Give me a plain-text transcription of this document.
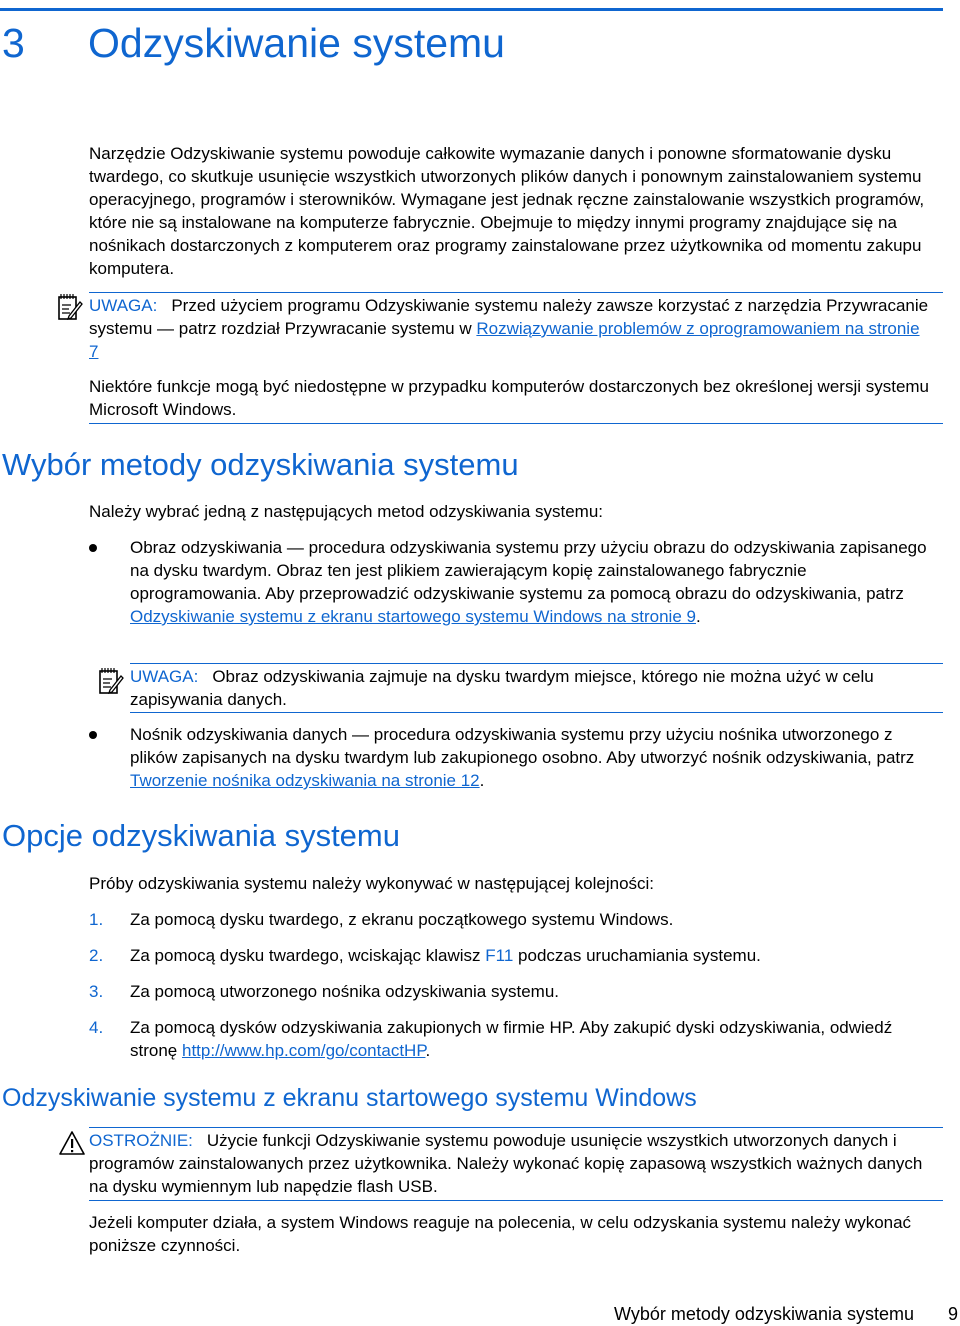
3 Odzyskiwanie systemu

Narzędzie Odzyskiwanie systemu powoduje całkowite wymazanie danych i ponowne sformatowanie dysku twardego, co skutkuje usunięcie wszystkich utworzonych plików danych i ponownym zainstalowaniem systemu operacyjnego, programów i sterowników. Wymagane jest jednak ręczne zainstalowanie wszystkich programów, które nie są instalowane na komputerze fabrycznie. Obejmuje to między innymi programy znajdujące się na nośnikach dostarczonych z komputerem oraz programy zainstalowane przez użytkownika od momentu zakupu komputera.

UWAGA: Przed użyciem programu Odzyskiwanie systemu należy zawsze korzystać z narzędzia Przywracanie systemu — patrz rozdział Przywracanie systemu w Rozwiązywanie problemów z oprogramowaniem na stronie 7

Niektóre funkcje mogą być niedostępne w przypadku komputerów dostarczonych bez określonej wersji systemu Microsoft Windows.

Wybór metody odzyskiwania systemu

Należy wybrać jedną z następujących metod odzyskiwania systemu:

Obraz odzyskiwania — procedura odzyskiwania systemu przy użyciu obrazu do odzyskiwania zapisanego na dysku twardym. Obraz ten jest plikiem zawierającym kopię zainstalowanego fabrycznie oprogramowania. Aby przeprowadzić odzyskiwanie systemu za pomocą obrazu do odzyskiwania, patrz Odzyskiwanie systemu z ekranu startowego systemu Windows na stronie 9.

UWAGA: Obraz odzyskiwania zajmuje na dysku twardym miejsce, którego nie można użyć w celu zapisywania danych.

Nośnik odzyskiwania danych — procedura odzyskiwania systemu przy użyciu nośnika utworzonego z plików zapisanych na dysku twardym lub zakupionego osobno. Aby utworzyć nośnik odzyskiwania, patrz Tworzenie nośnika odzyskiwania na stronie 12.

Opcje odzyskiwania systemu

Próby odzyskiwania systemu należy wykonywać w następującej kolejności:

1. Za pomocą dysku twardego, z ekranu początkowego systemu Windows.

2. Za pomocą dysku twardego, wciskając klawisz F11 podczas uruchamiania systemu.

3. Za pomocą utworzonego nośnika odzyskiwania systemu.

4. Za pomocą dysków odzyskiwania zakupionych w firmie HP. Aby zakupić dyski odzyskiwania, odwiedź stronę http://www.hp.com/go/contactHP.

Odzyskiwanie systemu z ekranu startowego systemu Windows

OSTROŻNIE: Użycie funkcji Odzyskiwanie systemu powoduje usunięcie wszystkich utworzonych danych i programów zainstalowanych przez użytkownika. Należy wykonać kopię zapasową wszystkich ważnych danych na dysku wymiennym lub napędzie flash USB.

Jeżeli komputer działa, a system Windows reaguje na polecenia, w celu odzyskania systemu należy wykonać poniższe czynności.

Wybór metody odzyskiwania systemu 9
